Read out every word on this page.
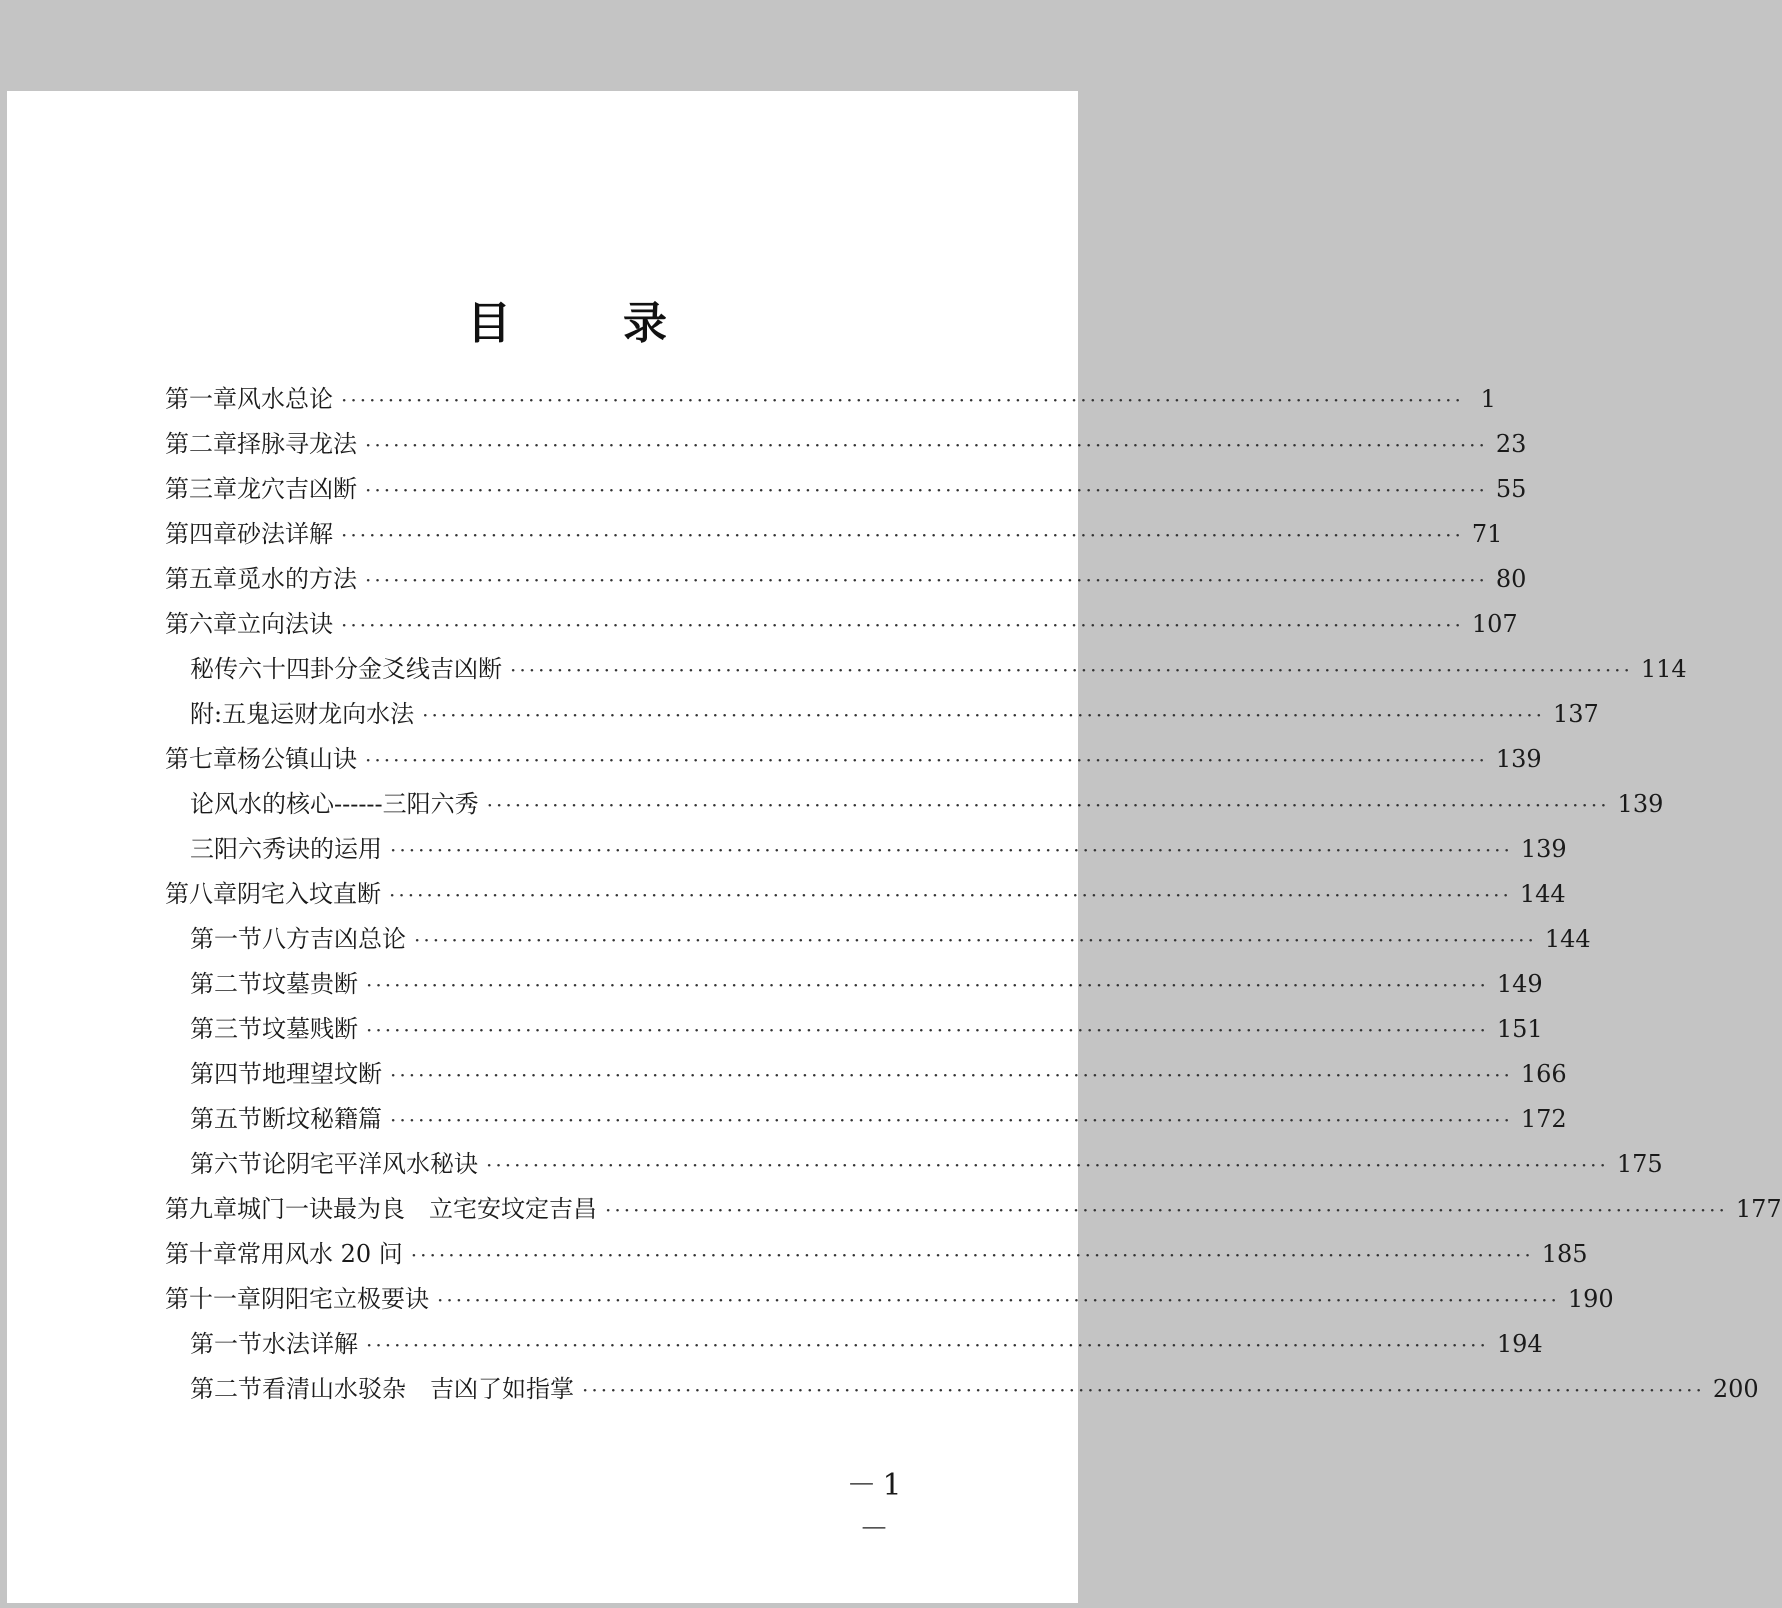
目	录
第一章 风水总论 ························································································································ 1
第二章 择脉寻龙法 ························································································································ 23
第三章 龙穴吉凶断 ························································································································ 55
第四章 砂法详解 ························································································································ 71
第五章 觅水的方法 ························································································································ 80
第六章 立向法诀 ························································································································ 107
秘传六十四卦分金爻线吉凶断 ························································································································ 114
附:五鬼运财龙向水法 ························································································································ 137
第七章 杨公镇山诀 ························································································································ 139
论风水的核心------三阳六秀 ························································································································ 139
三阳六秀诀的运用 ························································································································ 139
第八章 阴宅入坟直断 ························································································································ 144
第一节 八方吉凶总论 ························································································································ 144
第二节 坟墓贵断 ························································································································ 149
第三节 坟墓贱断 ························································································································ 151
第四节 地理望坟断 ························································································································ 166
第五节 断坟秘籍篇 ························································································································ 172
第六节 论阴宅平洋风水秘诀 ························································································································ 175
第九章 城门一诀最为良　立宅安坟定吉昌 ························································································································ 177
第十章 常用风水 20 问 ························································································································ 185
第十一章 阴阳宅立极要诀 ························································································································ 190
第一节 水法详解 ························································································································ 194
第二节 看清山水驳杂　吉凶了如指掌 ························································································································ 200
－1－
